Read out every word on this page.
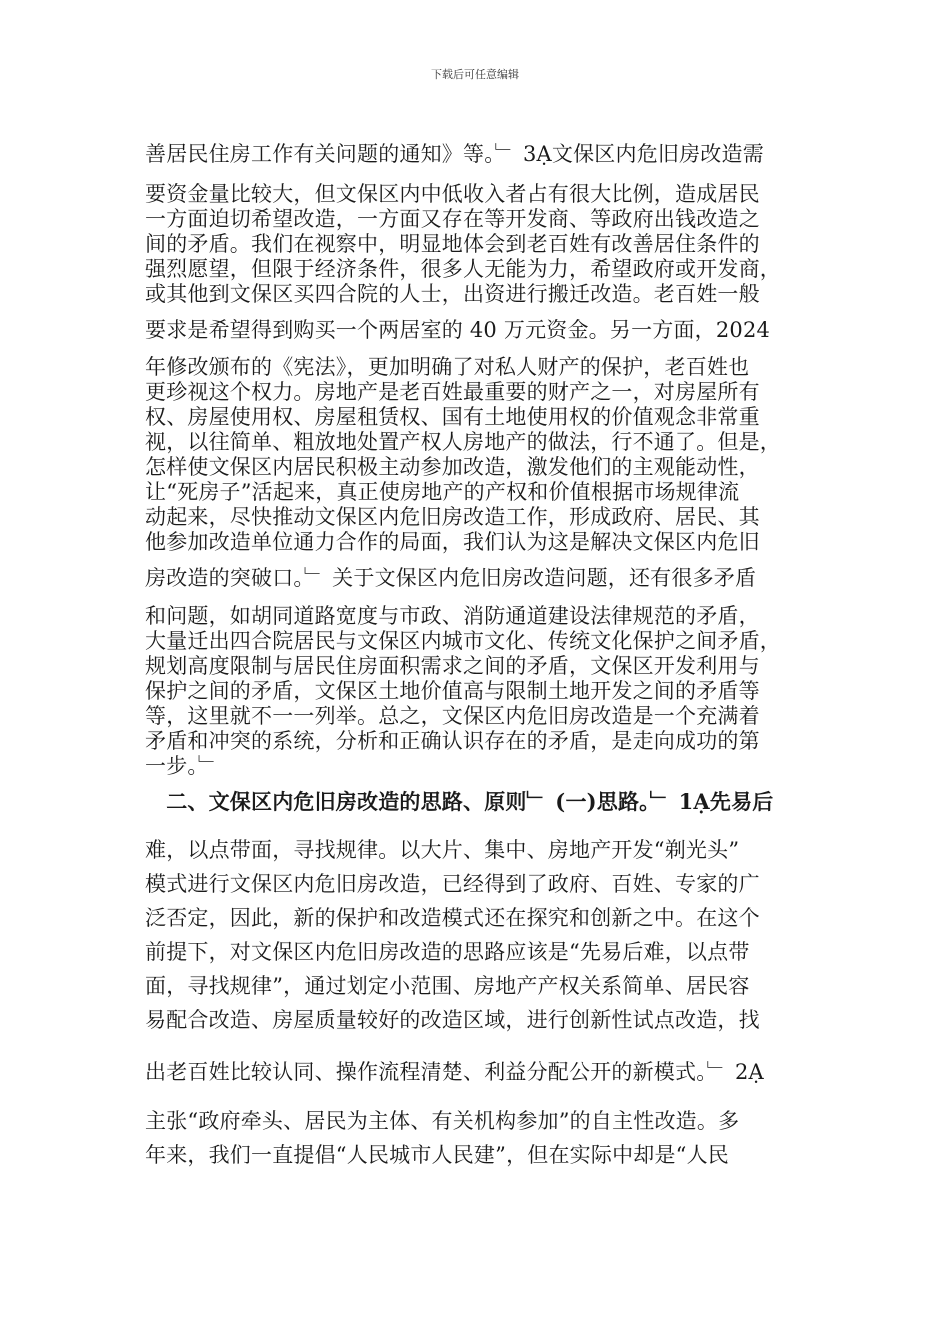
下载后可任意编辑
善居民住房工作有关问题的通知》等。﹂ 3Ạ文保区内危旧房改造需
要资金量比较大，但文保区内中低收入者占有很大比例，造成居民
一方面迫切希望改造，一方面又存在等开发商、等政府出钱改造之
间的矛盾。我们在视察中，明显地体会到老百姓有改善居住条件的
强烈愿望，但限于经济条件，很多人无能为力，希望政府或开发商，
或其他到文保区买四合院的人士，出资进行搬迁改造。老百姓一般
要求是希望得到购买一个两居室的 40 万元资金。另一方面，2024
年修改颁布的《宪法》，更加明确了对私人财产的保护，老百姓也
更珍视这个权力。房地产是老百姓最重要的财产之一，对房屋所有
权、房屋使用权、房屋租赁权、国有土地使用权的价值观念非常重
视，以往简单、粗放地处置产权人房地产的做法，行不通了。但是，
怎样使文保区内居民积极主动参加改造，激发他们的主观能动性，
让“死房子”活起来，真正使房地产的产权和价值根据市场规律流
动起来，尽快推动文保区内危旧房改造工作，形成政府、居民、其
他参加改造单位通力合作的局面，我们认为这是解决文保区内危旧
房改造的突破口。﹂ 关于文保区内危旧房改造问题，还有很多矛盾
和问题，如胡同道路宽度与市政、消防通道建设法律规范的矛盾，
大量迁出四合院居民与文保区内城市文化、传统文化保护之间矛盾，
规划高度限制与居民住房面积需求之间的矛盾，文保区开发利用与
保护之间的矛盾，文保区土地价值高与限制土地开发之间的矛盾等
等，这里就不一一列举。总之，文保区内危旧房改造是一个充满着
矛盾和冲突的系统，分析和正确认识存在的矛盾，是走向成功的第
一步。﹂
　二、文保区内危旧房改造的思路、原则﹂ (一)思路。﹂ 1Ạ先易后
难，以点带面，寻找规律。以大片、集中、房地产开发“剃光头”
模式进行文保区内危旧房改造，已经得到了政府、百姓、专家的广
泛否定，因此，新的保护和改造模式还在探究和创新之中。在这个
前提下，对文保区内危旧房改造的思路应该是“先易后难，以点带
面，寻找规律”，通过划定小范围、房地产产权关系简单、居民容
易配合改造、房屋质量较好的改造区域，进行创新性试点改造，找
出老百姓比较认同、操作流程清楚、利益分配公开的新模式。﹂ 2Ạ
主张“政府牵头、居民为主体、有关机构参加”的自主性改造。多
年来，我们一直提倡“人民城市人民建”，但在实际中却是“人民
